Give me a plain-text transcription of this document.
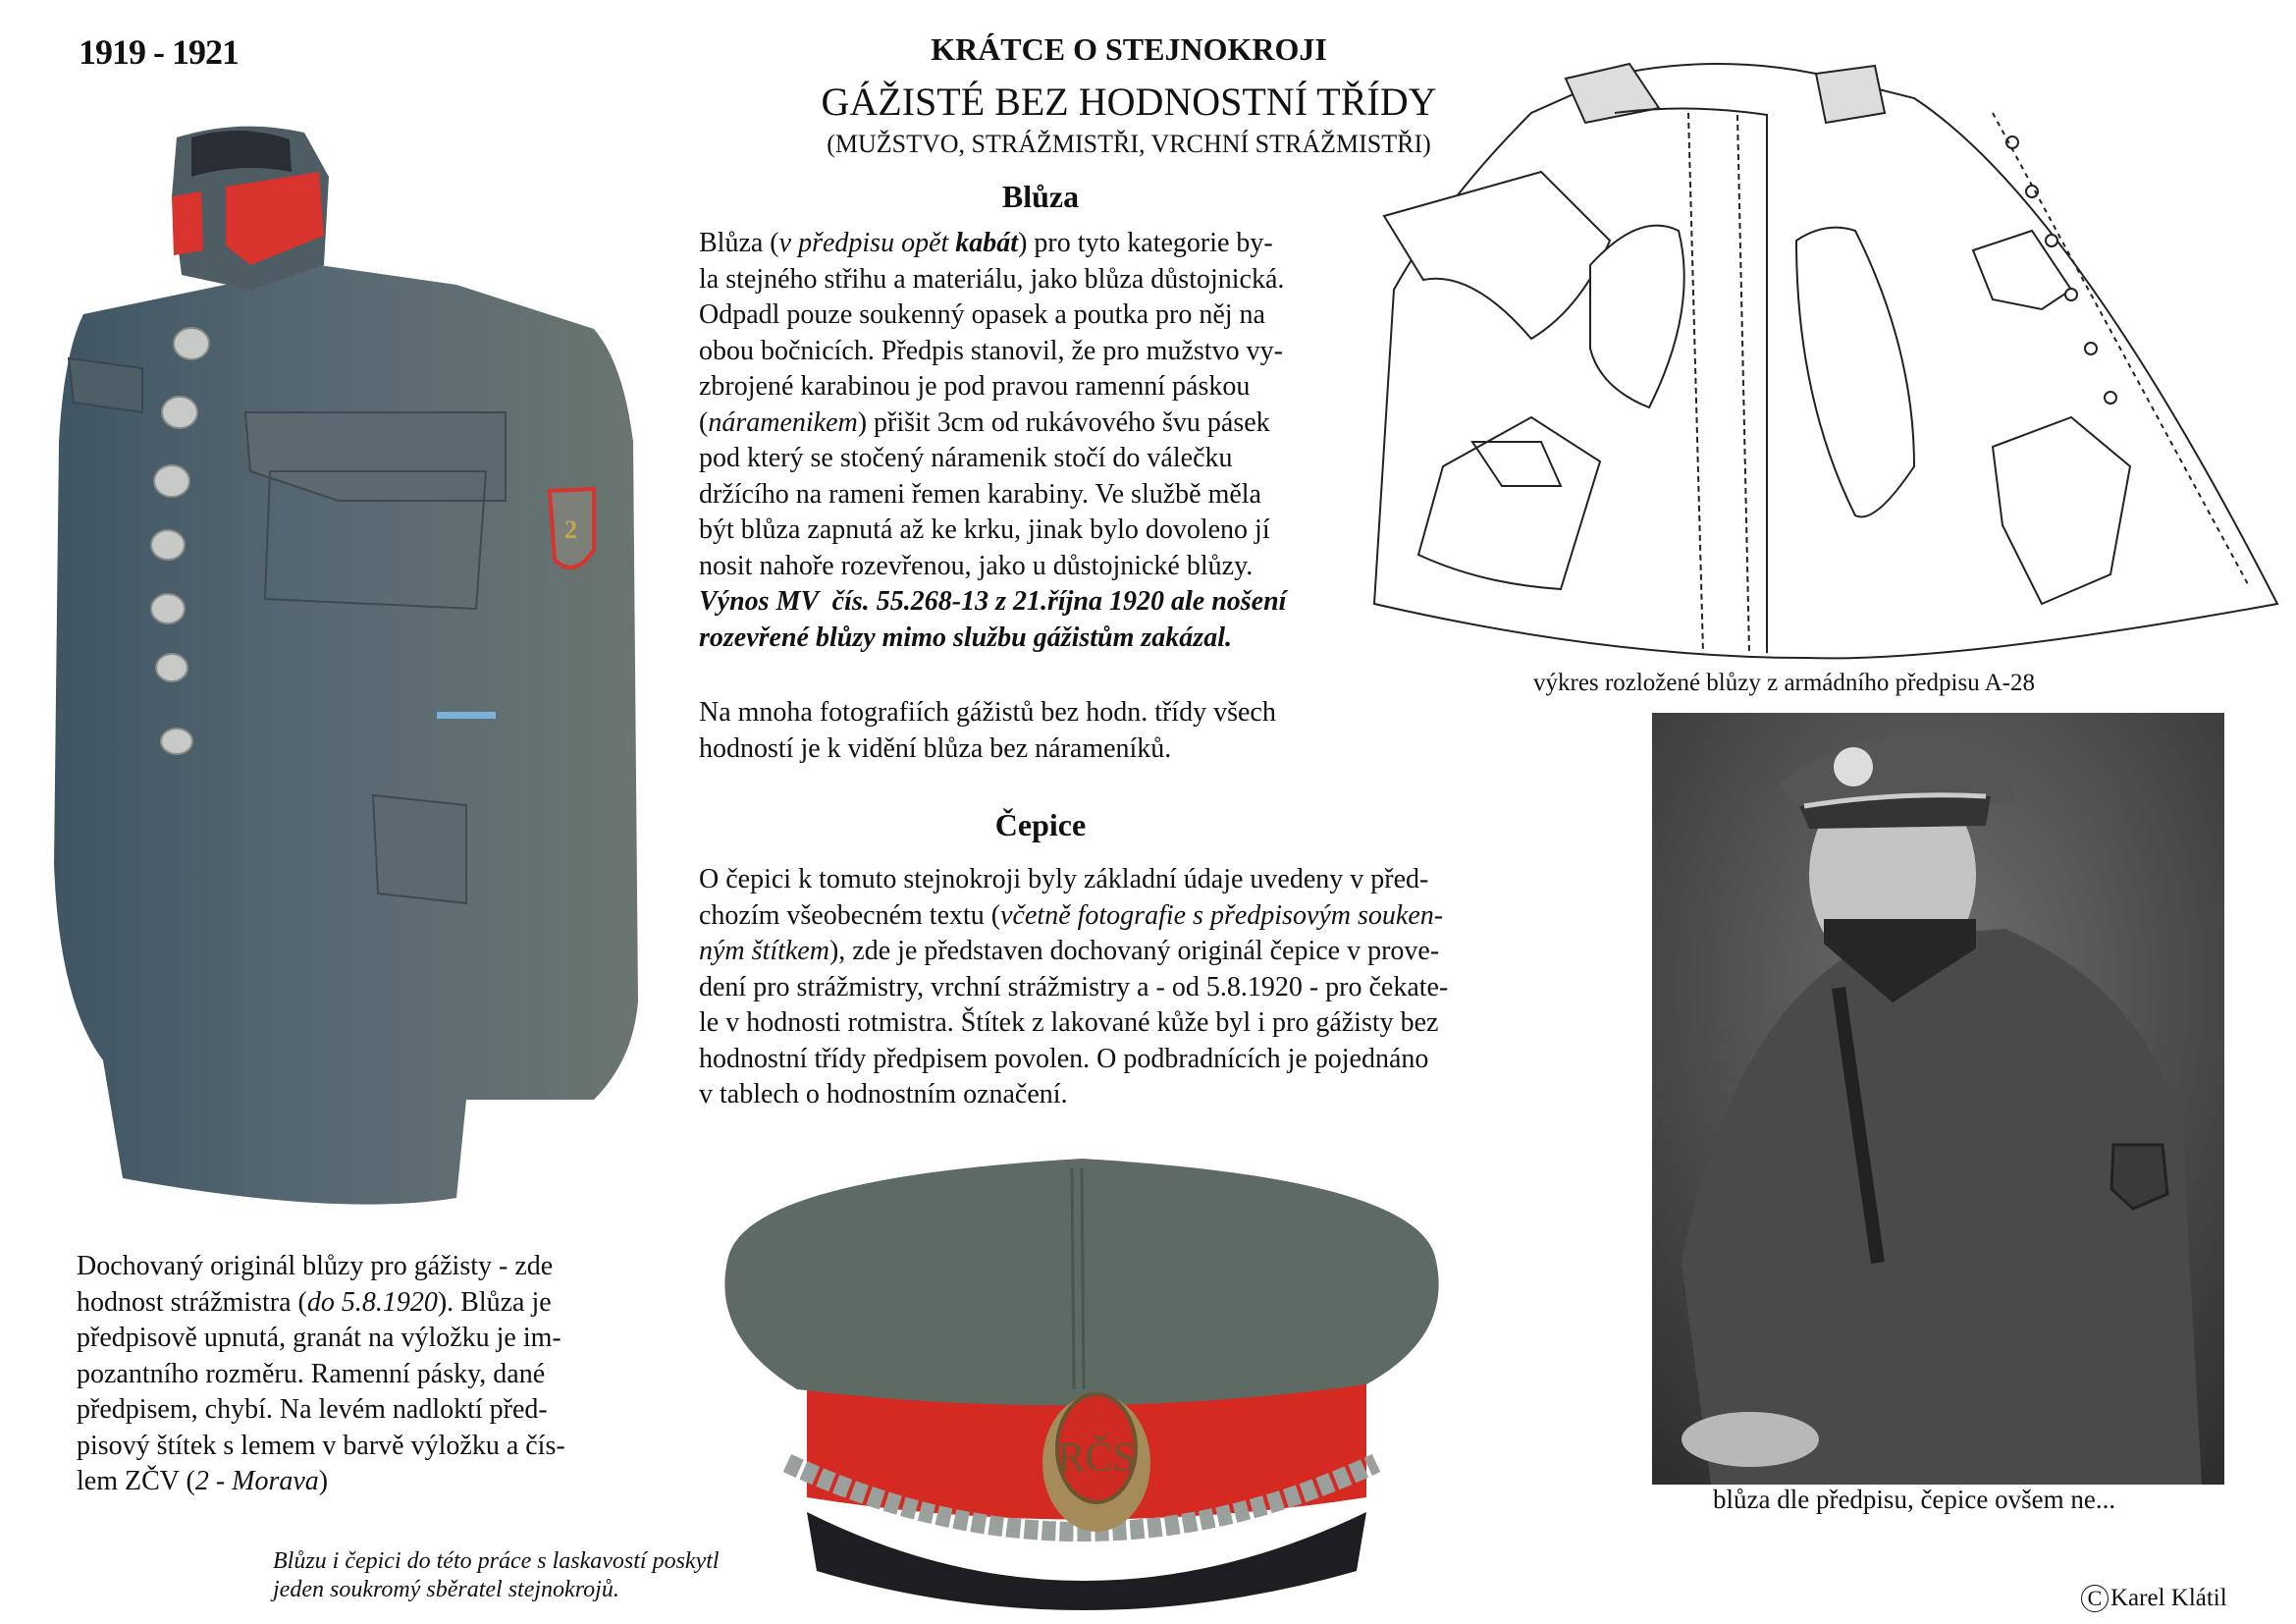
1919 - 1921	KRÁTCE O STEJNOKROJI
GÁŽISTÉ BEZ HODNOSTNÍ TŘÍDY
(MUŽSTVO, STRÁŽMISTŘI, VRCHNÍ STRÁŽMISTŘI)
2
Blůza
Blůza (v předpisu opět kabát) pro tyto kategorie by-
la stejného střihu a materiálu, jako blůza důstojnická.
Odpadl pouze soukenný opasek a poutka pro něj na
obou bočnicích. Předpis stanovil, že pro mužstvo vy-
zbrojené karabinou je pod pravou ramenní páskou
(náramenikem) přišit 3cm od rukávového švu pásek
pod který se stočený náramenik stočí do válečku
držícího na rameni řemen karabiny. Ve službě měla
být blůza zapnutá až ke krku, jinak bylo dovoleno jí
nosit nahoře rozevřenou, jako u důstojnické blůzy.
Výnos MV  čís. 55.268-13 z 21.října 1920 ale nošení
rozevřené blůzy mimo službu gážistům zakázal.
Na mnoha fotografiích gážistů bez hodn. třídy všech
hodností je k vidění blůza bez nárameníků.
Čepice
O čepici k tomuto stejnokroji byly základní údaje uvedeny v před-
chozím všeobecném textu (včetně fotografie s předpisovým souken-
ným štítkem), zde je představen dochovaný originál čepice v prove-
dení pro strážmistry, vrchní strážmistry a - od 5.8.1920 - pro čekate-
le v hodnosti rotmistra. Štítek z lakované kůže byl i pro gážisty bez
hodnostní třídy předpisem povolen. O podbradnících je pojednáno
v tablech o hodnostním označení.
Dochovaný originál blůzy pro gážisty - zde
hodnost strážmistra (do 5.8.1920). Blůza je
předpisově upnutá, granát na výložku je im-
pozantního rozměru. Ramenní pásky, dané
předpisem, chybí. Na levém nadloktí před-
pisový štítek s lemem v barvě výložku a čís-
lem ZČV (2 - Morava)
Blůzu i čepici do této práce s laskavostí poskytl
jeden soukromý sběratel stejnokrojů.
výkres rozložené blůzy z armádního předpisu A-28
blůza dle předpisu, čepice ovšem ne...
RČS
C Karel Klátil
